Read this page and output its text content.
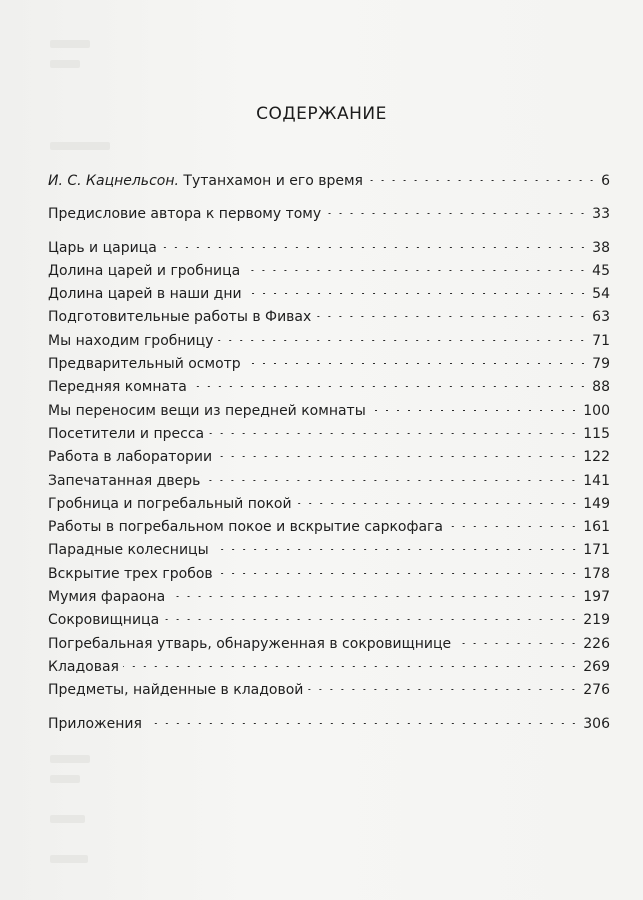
СОДЕРЖАНИЕ
И. С. Кацнельсон. Тутанхамон и его время	6
Предисловие автора к первому тому	33
Царь и царица	38
Долина царей и гробница	45
Долина царей в наши дни	54
Подготовительные работы в Фивах	63
Мы находим гробницу	71
Предварительный осмотр	79
Передняя комната	88
Мы переносим вещи из передней комнаты	100
Посетители и пресса	115
Работа в лаборатории	122
Запечатанная дверь	141
Гробница и погребальный покой	149
Работы в погребальном покое и вскрытие саркофага	161
Парадные колесницы	171
Вскрытие трех гробов	178
Мумия фараона	197
Сокровищница	219
Погребальная утварь, обнаруженная в сокровищнице	226
Кладовая	269
Предметы, найденные в кладовой	276
Приложения	306
